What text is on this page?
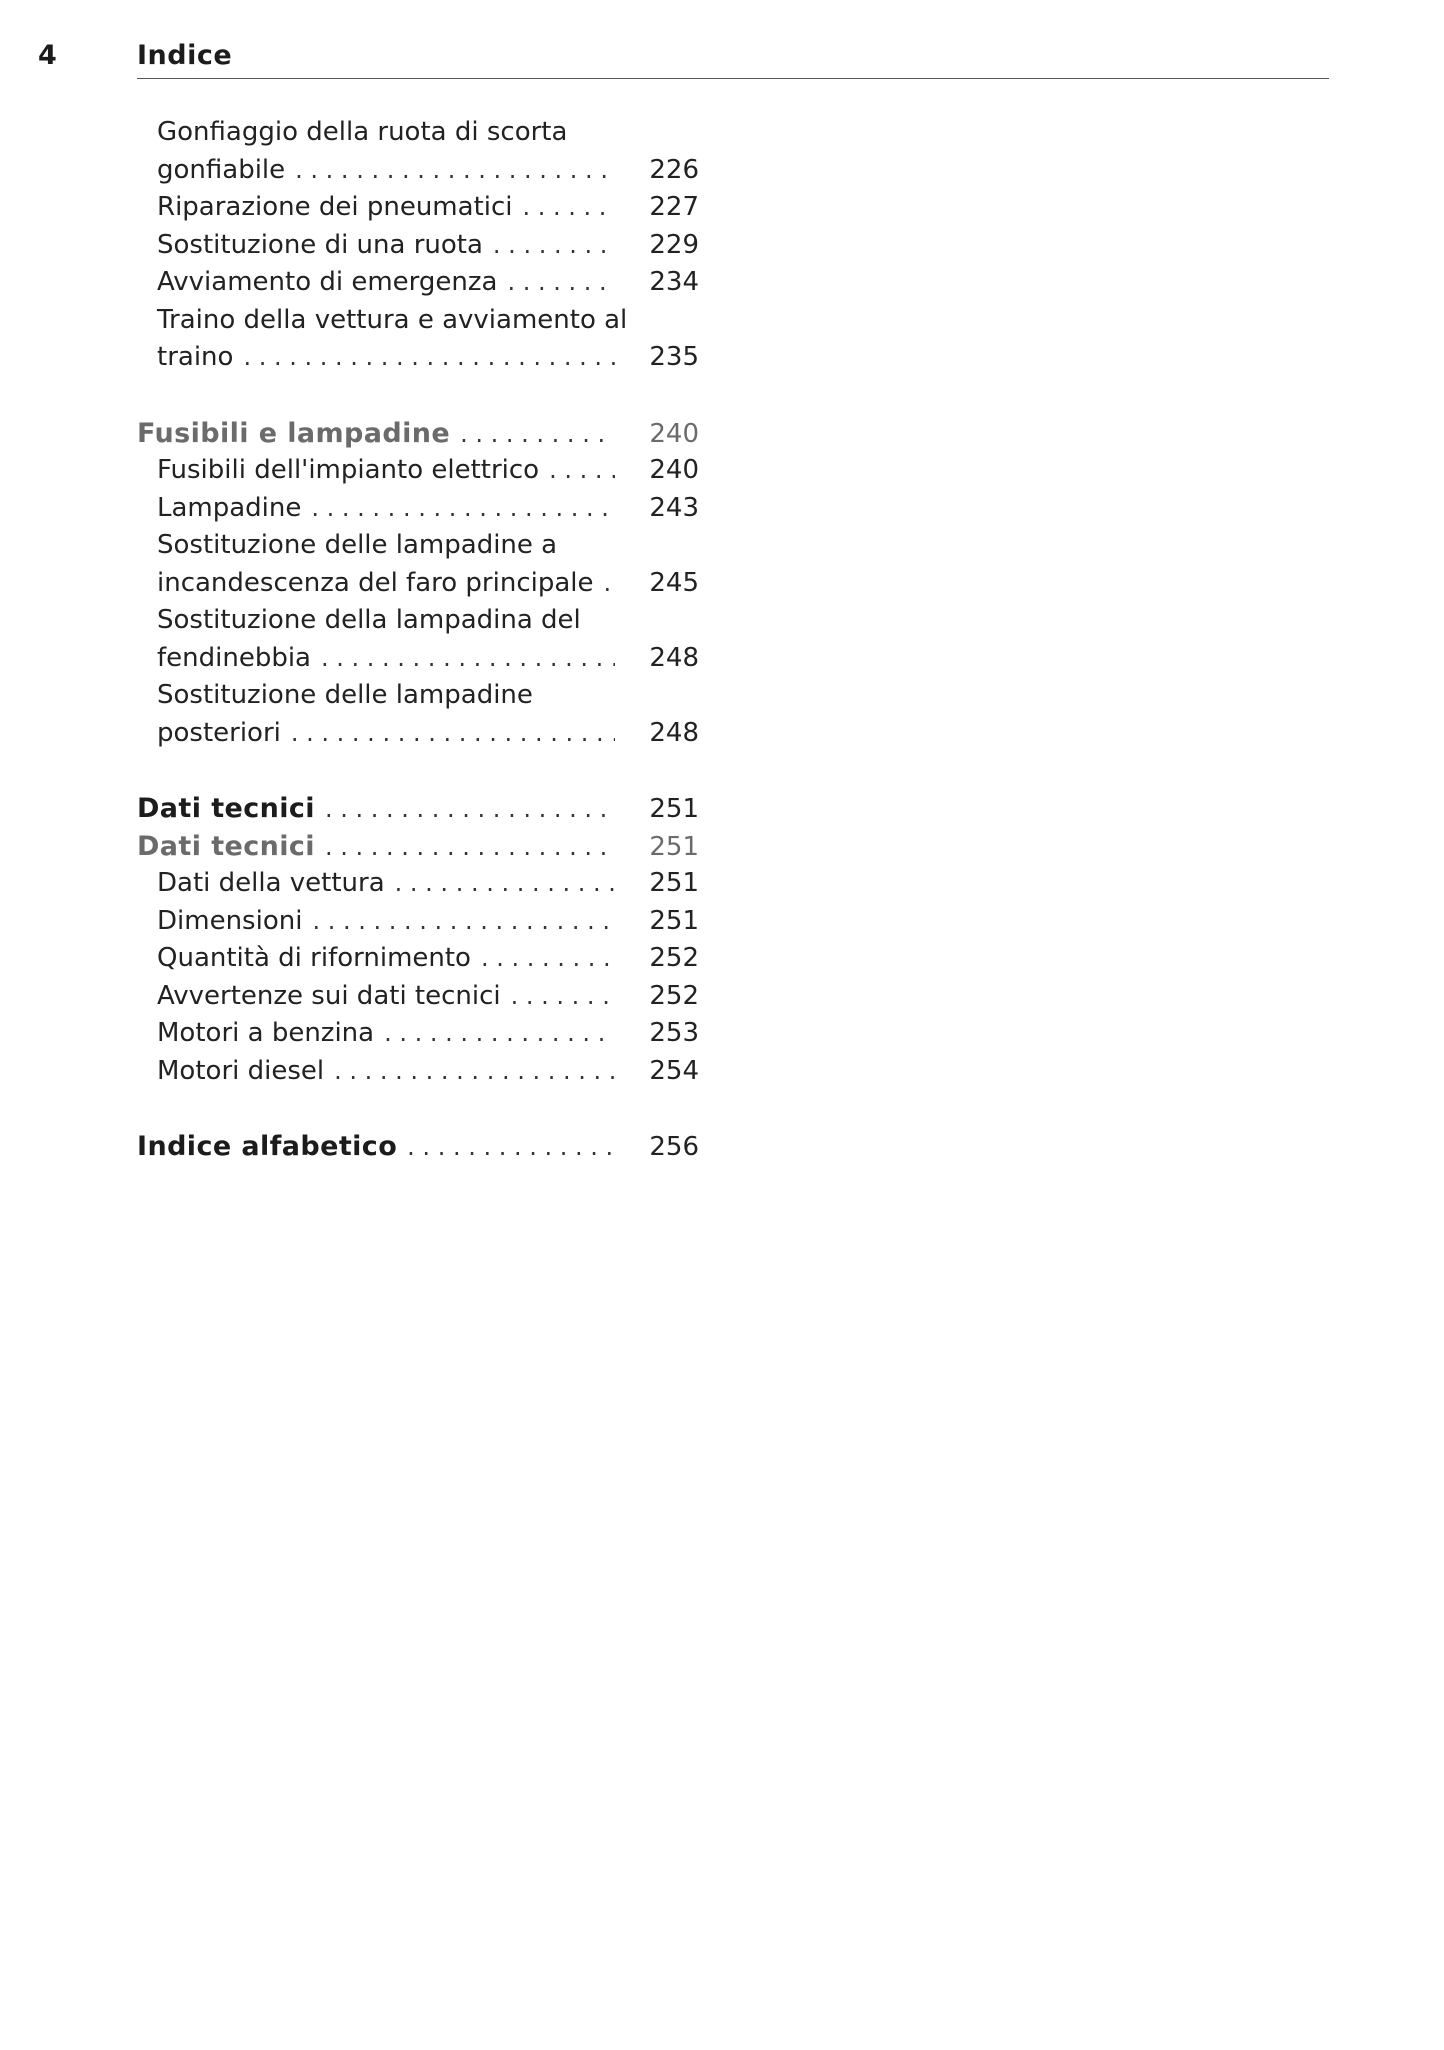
4	Indice
Gonfiaggio della ruota di scorta
gonfiabile . . .	226
Riparazione dei pneumatici . . .	227
Sostituzione di una ruota . . .	229
Avviamento di emergenza . . .	234
Traino della vettura e avviamento al
traino . . .	235
Fusibili e lampadine . . .	240
Fusibili dell'impianto elettrico . . .	240
Lampadine . . .	243
Sostituzione delle lampadine a
incandescenza del faro principale . . .	245
Sostituzione della lampadina del
fendinebbia . . .	248
Sostituzione delle lampadine
posteriori . . .	248
Dati tecnici . . .	251
Dati tecnici . . .	251
Dati della vettura . . .	251
Dimensioni . . .	251
Quantità di rifornimento . . .	252
Avvertenze sui dati tecnici . . .	252
Motori a benzina . . .	253
Motori diesel . . .	254
Indice alfabetico . . .	256
